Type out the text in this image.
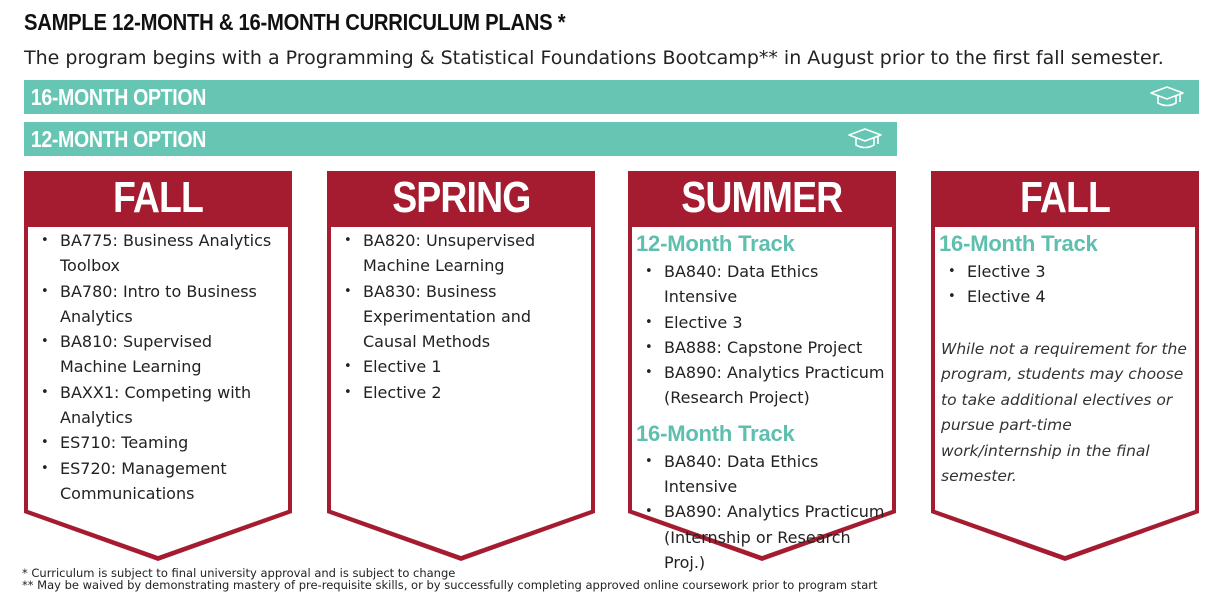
SAMPLE 12-MONTH & 16-MONTH CURRICULUM PLANS *
The program begins with a Programming & Statistical Foundations Bootcamp** in August prior to the first fall semester.
16-MONTH OPTION
12-MONTH OPTION
FALL
• BA775: Business Analytics Toolbox
• BA780: Intro to Business Analytics
• BA810: Supervised Machine Learning
• BAXX1: Competing with Analytics
• ES710: Teaming
• ES720: Management Communications
SPRING
• BA820: Unsupervised Machine Learning
• BA830: Business Experimentation and Causal Methods
• Elective 1
• Elective 2
SUMMER
12-Month Track
• BA840: Data Ethics Intensive
• Elective 3
• BA888: Capstone Project
• BA890: Analytics Practicum (Research Project)
16-Month Track
• BA840: Data Ethics Intensive
• BA890: Analytics Practicum (Internship or Research Proj.)
FALL
16-Month Track
• Elective 3
• Elective 4
While not a requirement for the program, students may choose to take additional electives or pursue part-time work/internship in the final semester.
* Curriculum is subject to final university approval and is subject to change
** May be waived by demonstrating mastery of pre-requisite skills, or by successfully completing approved online coursework prior to program start
